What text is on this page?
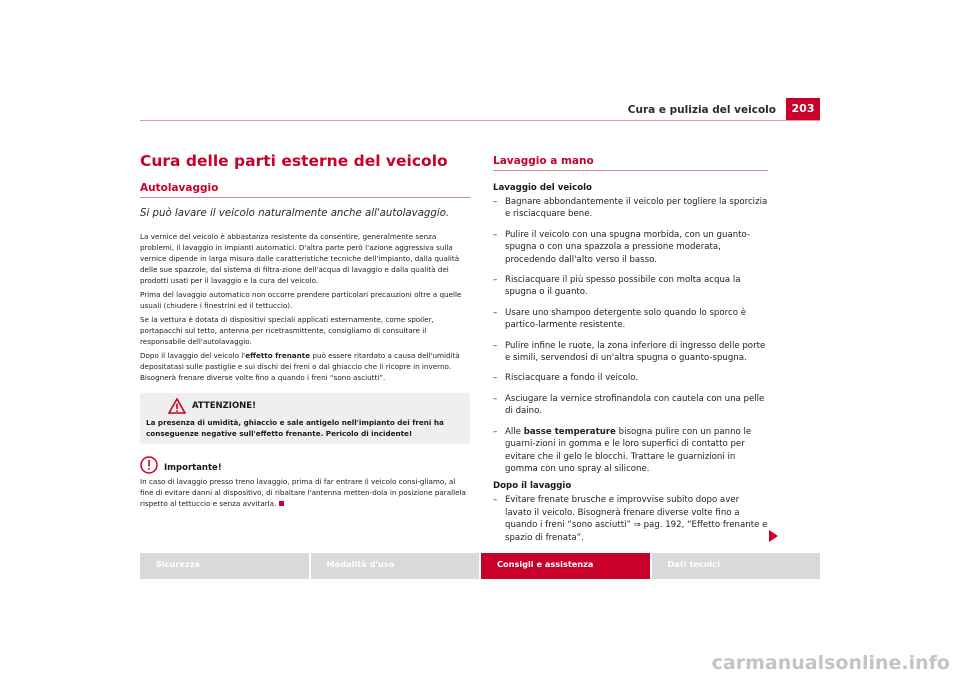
Cura e pulizia del veicolo	203
Cura delle parti esterne del veicolo
Autolavaggio
Si può lavare il veicolo naturalmente anche all'autolavaggio.

La vernice del veicolo è abbastanza resistente da consentire, generalmente senza problemi, il lavaggio in impianti automatici. D'altra parte però l'azione aggressiva sulla vernice dipende in larga misura dalle caratteristiche tecniche dell'impianto, dalla qualità delle sue spazzole, dal sistema di filtra-zione dell'acqua di lavaggio e dalla qualità dei prodotti usati per il lavaggio e la cura del veicolo.

Prima del lavaggio automatico non occorre prendere particolari precauzioni oltre a quelle usuali (chiudere i finestrini ed il tettuccio).

Se la vettura è dotata di dispositivi speciali applicati esternamente, come spoiler, portapacchi sul tetto, antenna per ricetrasmittente, consigliamo di consultare il responsabile dell'autolavaggio.

Dopo il lavaggio del veicolo l'effetto frenante può essere ritardato a causa dell'umidità depositatasi sulle pastiglie e sui dischi dei freni o dal ghiaccio che li ricopre in inverno. Bisognerà frenare diverse volte fino a quando i freni “sono asciutti”.

ATTENZIONE!
La presenza di umidità, ghiaccio e sale antigelo nell'impianto dei freni ha conseguenze negative sull'effetto frenante. Pericolo di incidente!
Importante!
In caso di lavaggio presso treno lavaggio, prima di far entrare il veicolo consi-gliamo, al fine di evitare danni al dispositivo, di ribaltare l'antenna metten-dola in posizione parallela rispetto al tettuccio e senza avvitarla.
Lavaggio a mano
Lavaggio del veicolo
– Bagnare abbondantemente il veicolo per togliere la sporcizia e risciacquare bene.
– Pulire il veicolo con una spugna morbida, con un guanto-spugna o con una spazzola a pressione moderata, procedendo dall'alto verso il basso.
– Risciacquare il più spesso possibile con molta acqua la spugna o il guanto.
– Usare uno shampoo detergente solo quando lo sporco è partico-larmente resistente.
– Pulire infine le ruote, la zona inferiore di ingresso delle porte e simili, servendosi di un'altra spugna o guanto-spugna.
– Risciacquare a fondo il veicolo.
– Asciugare la vernice strofinandola con cautela con una pelle di daino.
– Alle basse temperature bisogna pulire con un panno le guarni-zioni in gomma e le loro superfici di contatto per evitare che il gelo le blocchi. Trattare le guarnizioni in gomma con uno spray al silicone.
Dopo il lavaggio
– Evitare frenate brusche e improvvise subito dopo aver lavato il veicolo. Bisognerà frenare diverse volte fino a quando i freni “sono asciutti” ⇒ pag. 192, “Effetto frenante e spazio di frenata”.
Sicurezza	Modalità d'uso	Consigli e assistenza	Dati tecnici
carmanualsonline.info
